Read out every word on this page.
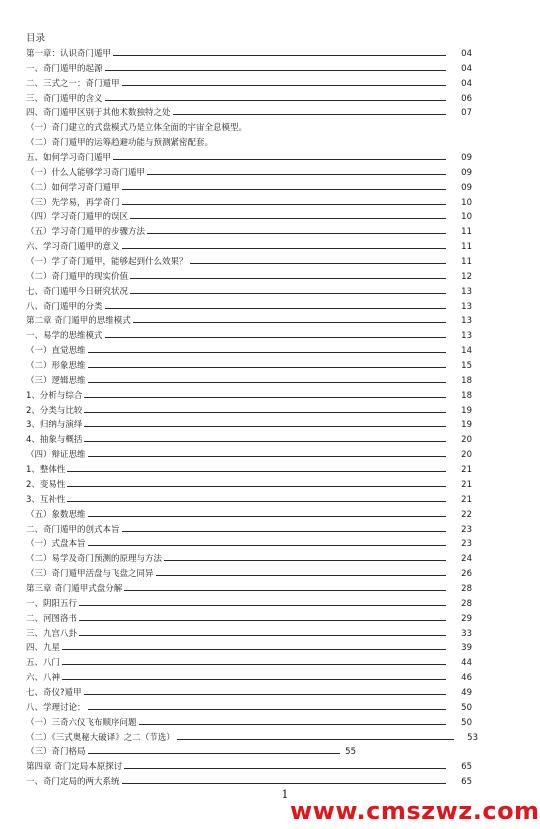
目录
第一章：认识奇门遁甲	04
一、奇门遁甲的起源	04
二、三式之一：奇门遁甲	04
三、奇门遁甲的含义	06
四、奇门遁甲区别于其他术数独特之处	07
（一）奇门建立的式盘模式乃是立体全面的宇宙全息模型。
（二）奇门遁甲的运筹趋避功能与预测紧密配套。
五、如何学习奇门遁甲	09
（一）什么人能够学习奇门遁甲	09
（二）如何学习奇门遁甲	09
（三）先学易，再学奇门	10
（四）学习奇门遁甲的误区	10
（五）学习奇门遁甲的步骤方法	11
六、学习奇门遁甲的意义	11
（一）学了奇门遁甲，能够起到什么效果？	11
（二）奇门遁甲的现实价值	12
七、奇门遁甲今日研究状况	13
八、奇门遁甲的分类	13
第二章 奇门遁甲的思维模式	13
一、易学的思维模式	13
（一）直觉思维	14
（二）形象思维	15
（三）逻辑思维	18
1、分析与综合	18
2、分类与比较	19
3、归纳与演绎	19
4、抽象与概括	20
（四）辩证思维	20
1、整体性	21
2、变易性	21
3、互补性	21
（五）象数思维	22
二、奇门遁甲的创式本旨	23
（一）式盘本旨	23
（二）易学及奇门预测的原理与方法	24
（三）奇门遁甲活盘与飞盘之同异	26
第三章 奇门遁甲式盘分解	28
一、阴阳五行	28
二、河图洛书	29
三、九宫八卦	33
四、九星	39
五、八门	44
六、八神	46
七、奇仪?遁甲	49
八、学理讨论：	50
（一）三奇六仪飞布顺序问题	50
（二）《三式奥秘大破译》之二（节选）	53
（三）奇门格局	55
第四章 奇门定局本原探讨	65
一、奇门定局的两大系统	65
1
www.cmszwz.com
